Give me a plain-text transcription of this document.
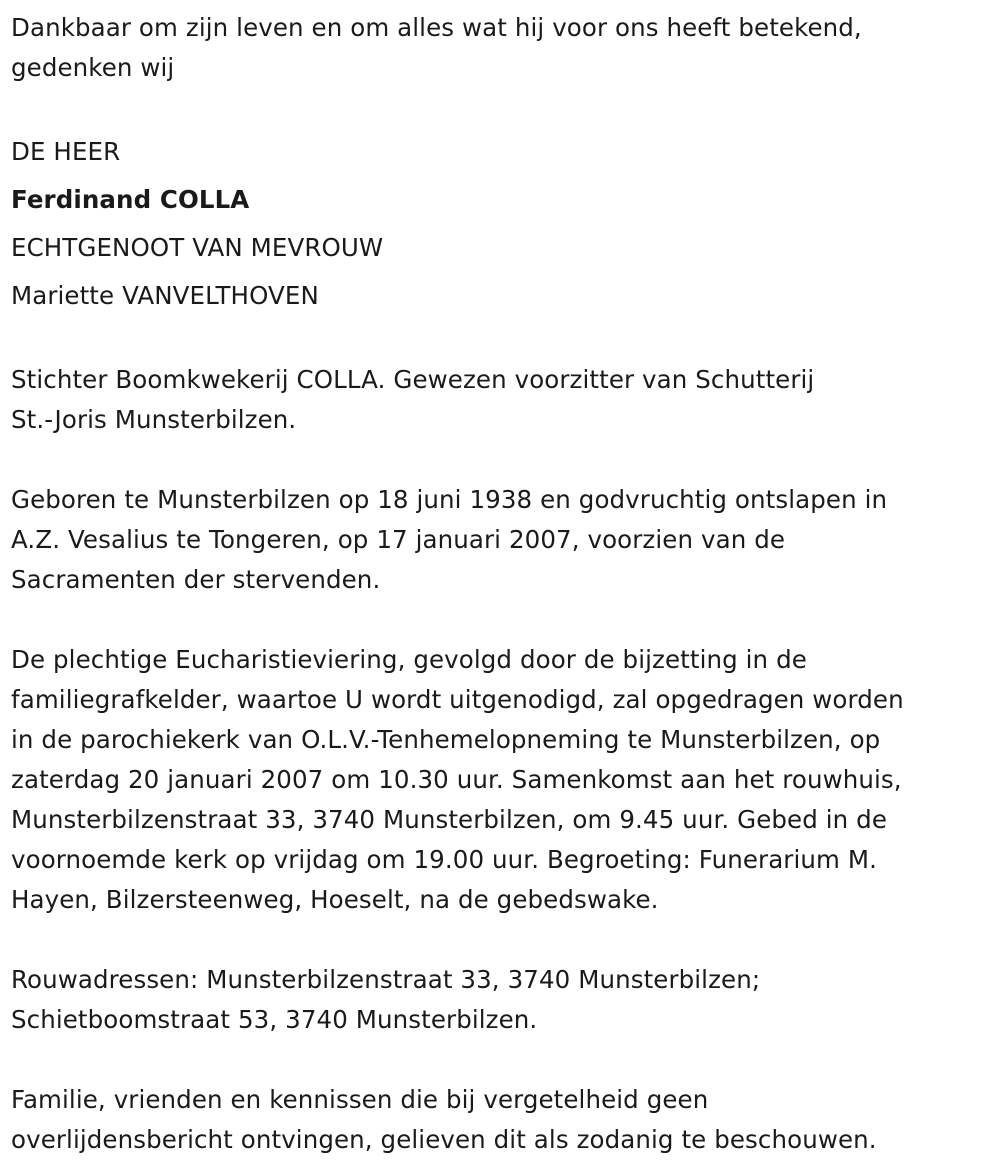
Dankbaar om zijn leven en om alles wat hij voor ons heeft betekend,
gedenken wij

DE HEER
Ferdinand COLLA
ECHTGENOOT VAN MEVROUW
Mariette VANVELTHOVEN

Stichter Boomkwekerij COLLA. Gewezen voorzitter van Schutterij
St.-Joris Munsterbilzen.

Geboren te Munsterbilzen op 18 juni 1938 en godvruchtig ontslapen in
A.Z. Vesalius te Tongeren, op 17 januari 2007, voorzien van de
Sacramenten der stervenden.

De plechtige Eucharistieviering, gevolgd door de bijzetting in de
familiegrafkelder, waartoe U wordt uitgenodigd, zal opgedragen worden
in de parochiekerk van O.L.V.-Tenhemelopneming te Munsterbilzen, op
zaterdag 20 januari 2007 om 10.30 uur. Samenkomst aan het rouwhuis,
Munsterbilzenstraat 33, 3740 Munsterbilzen, om 9.45 uur. Gebed in de
voornoemde kerk op vrijdag om 19.00 uur. Begroeting: Funerarium M.
Hayen, Bilzersteenweg, Hoeselt, na de gebedswake.

Rouwadressen: Munsterbilzenstraat 33, 3740 Munsterbilzen;
Schietboomstraat 53, 3740 Munsterbilzen.

Familie, vrienden en kennissen die bij vergetelheid geen
overlijdensbericht ontvingen, gelieven dit als zodanig te beschouwen.
